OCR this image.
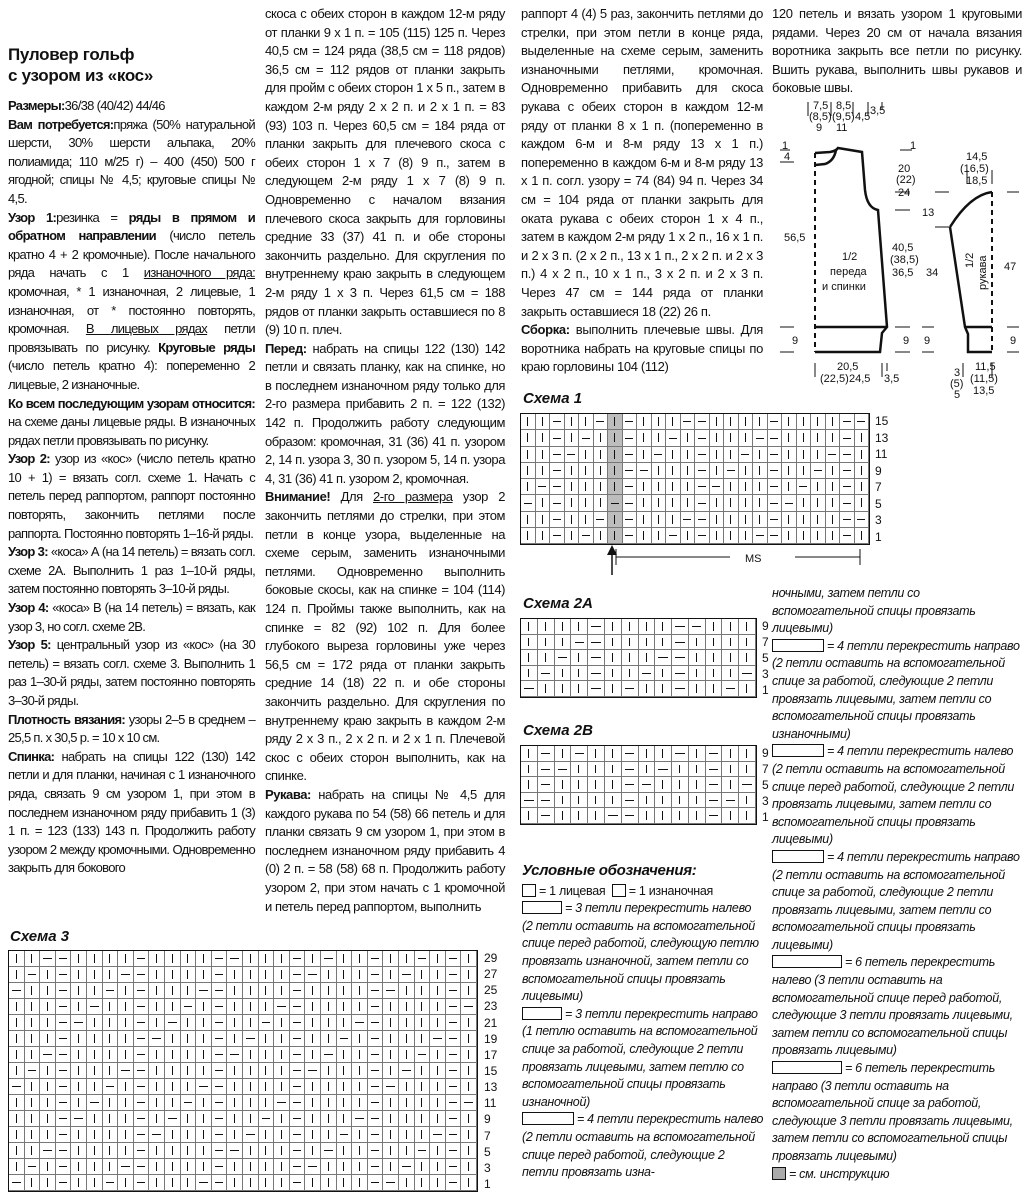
Пуловер гольф
с узором из «кос»

Размеры:36/38 (40/42) 44/46

Вам потребуется:пряжа (50% натуральной шерсти, 30% шерсти альпака, 20% полиамида; 110 м/25 г) – 400 (450) 500 г ягодной; спицы № 4,5; круговые спицы № 4,5.

Узор 1:резинка = ряды в прямом и обратном направлении (число петель кратно 4 + 2 кромочные). После начального ряда начать с 1 изнаночного ряда: кромочная, * 1 изнаночная, 2 лицевые, 1 изнаночная, от * постоянно повторять, кромочная. В лицевых рядах петли провязывать по рисунку. Круговые ряды (число петель кратно 4): попеременно 2 лицевые, 2 изнаночные.

Ко всем последующим узорам относится: на схеме даны лицевые ряды. В изнаночных рядах петли провязывать по рисунку.

Узор 2: узор из «кос» (число петель кратно 10 + 1) = вязать согл. схеме 1. Начать с петель перед раппортом, раппорт постоянно повторять, закончить петлями после раппорта. Постоянно повторять 1–16-й ряды.

Узор 3: «коса» А (на 14 петель) = вязать согл. схеме 2А. Выполнить 1 раз 1–10-й ряды, затем постоянно повторять 3–10-й ряды.

Узор 4: «коса» В (на 14 петель) = вязать, как узор 3, но согл. схеме 2В.

Узор 5: центральный узор из «кос» (на 30 петель) = вязать согл. схеме 3. Выполнить 1 раз 1–30-й ряды, затем постоянно повторять 3–30-й ряды.

Плотность вязания: узоры 2–5 в среднем – 25,5 п. х 30,5 р. = 10 х 10 см.

Спинка: набрать на спицы 122 (130) 142 петли и для планки, начиная с 1 изнаночного ряда, связать 9 см узором 1, при этом в последнем изнаночном ряду прибавить 1 (3) 1 п. = 123 (133) 143 п. Продолжить работу узором 2 между кромочными. Одновременно закрыть для бокового

скоса с обеих сторон в каждом 12-м ряду от планки 9 х 1 п. = 105 (115) 125 п. Через 40,5 см = 124 ряда (38,5 см = 118 рядов) 36,5 см = 112 рядов от планки закрыть для пройм с обеих сторон 1 х 5 п., затем в каждом 2-м ряду 2 х 2 п. и 2 х 1 п. = 83 (93) 103 п. Через 60,5 см = 184 ряда от планки закрыть для плечевого скоса с обеих сторон 1 х 7 (8) 9 п., затем в следующем 2-м ряду 1 х 7 (8) 9 п. Одновременно с началом вязания плечевого скоса закрыть для горловины средние 33 (37) 41 п. и обе стороны закончить раздельно. Для скругления по внутреннему краю закрыть в следующем 2-м ряду 1 х 3 п. Через 61,5 см = 188 рядов от планки закрыть оставшиеся по 8 (9) 10 п. плеч.

Перед: набрать на спицы 122 (130) 142 петли и связать планку, как на спинке, но в последнем изнаночном ряду только для 2-го размера прибавить 2 п. = 122 (132) 142 п. Продолжить работу следующим образом: кромочная, 31 (36) 41 п. узором 2, 14 п. узора 3, 30 п. узором 5, 14 п. узора 4, 31 (36) 41 п. узором 2, кромочная.

Внимание! Для 2-го размера узор 2 закончить петлями до стрелки, при этом петли в конце узора, выделенные на схеме серым, заменить изнаночными петлями. Одновременно выполнить боковые скосы, как на спинке = 104 (114) 124 п. Проймы также выполнить, как на спинке = 82 (92) 102 п. Для более глубокого выреза горловины уже через 56,5 см = 172 ряда от планки закрыть средние 14 (18) 22 п. и обе стороны закончить раздельно. Для скругления по внутреннему краю закрыть в каждом 2-м ряду 2 х 3 п., 2 х 2 п. и 2 х 1 п. Плечевой скос с обеих сторон выполнить, как на спинке.

Рукава: набрать на спицы № 4,5 для каждого рукава по 54 (58) 66 петель и для планки связать 9 см узором 1, при этом в последнем изнаночном ряду прибавить 4 (0) 2 п. = 58 (58) 68 п. Продолжить работу узором 2, при этом начать с 1 кромочной и петель перед раппортом, выполнить

раппорт 4 (4) 5 раз, закончить петлями до стрелки, при этом петли в конце ряда, выделенные на схеме серым, заменить изнаночными петлями, кромочная. Одновременно прибавить для скоса рукава с обеих сторон в каждом 12-м ряду от планки 8 х 1 п. (попеременно в каждом 6-м и 8-м ряду 13 х 1 п.) попеременно в каждом 6-м и 8-м ряду 13 х 1 п. согл. узору = 74 (84) 94 п. Через 34 см = 104 ряда от планки закрыть для оката рукава с обеих сторон 1 х 4 п., затем в каждом 2-м ряду 1 х 2 п., 16 х 1 п. и 2 х 3 п. (2 х 2 п., 13 х 1 п., 2 х 2 п. и 2 х 3 п.) 4 х 2 п., 10 х 1 п., 3 х 2 п. и 2 х 3 п. Через 47 см = 144 ряда от планки закрыть оставшиеся 18 (22) 26 п.

Сборка: выполнить плечевые швы. Для воротника набрать на круговые спицы по краю горловины 104 (112)

120 петель и вязать узором 1 круговыми рядами. Через 20 см от начала вязания воротника закрыть все петли по рисунку. Вшить рукава, выполнить швы рукавов и боковые швы.

7,5
(8,5)
9
8,5
(9,5)
11
4,5 3,5
1
4
56,5
9
1
20
(22)
24
13
40,5
(38,5)
36,5 34
9 9
1/2
переда
и спинки
20,5
(22,5) 24,5 3,5
14,5
(16,5)
18,5
1/2 рукава 47
9
11,5
(11,5)
13,5
3
(5)
5
Схема 1
15
13
11
9
7
5
3
1
MS
Схема 2А
9
7
5
3
1
Схема 2В
9
7
5
3
1
Схема 3
29
27
25
23
21
19
17
15
13
11
9
7
5
3
1
Условные обозначения:
= 1 лицевая = 1 изнаночная
= 3 петли перекрестить налево (2 петли оставить на вспомогательной спице перед работой, следующую петлю провязать изнаночной, затем петли со вспомогательной спицы провязать лицевыми)
= 3 петли перекрестить направо (1 петлю оставить на вспомогательной спице за работой, следующие 2 петли провязать лицевыми, затем петлю со вспомогательной спицы провязать изнаночной)
= 4 петли перекрестить налево (2 петли оставить на вспомогательной спице перед работой, следующие 2 петли провязать изна-
ночными, затем петли со вспомогательной спицы провязать лицевыми)
= 4 петли перекрестить направо (2 петли оставить на вспомогательной спице за работой, следующие 2 петли провязать лицевыми, затем петли со вспомогательной спицы провязать изнаночными)
= 4 петли перекрестить налево (2 петли оставить на вспомогательной спице перед работой, следующие 2 петли провязать лицевыми, затем петли со вспомогательной спицы провязать лицевыми)
= 4 петли перекрестить направо (2 петли оставить на вспомогательной спице за работой, следующие 2 петли провязать лицевыми, затем петли со вспомогательной спицы провязать лицевыми)
= 6 петель перекрестить налево (3 петли оставить на вспомогательной спице перед работой, следующие 3 петли провязать лицевыми, затем петли со вспомогательной спицы провязать лицевыми)
= 6 петель перекрестить направо (3 петли оставить на вспомогательной спице за работой, следующие 3 петли провязать лицевыми, затем петли со вспомогательной спицы провязать лицевыми)
= см. инструкцию
